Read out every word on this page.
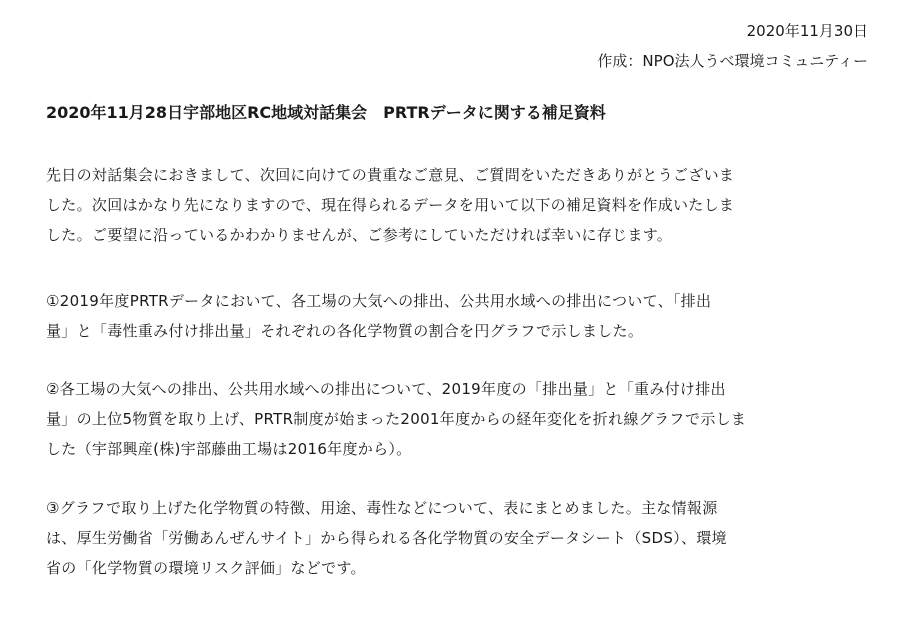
2020年11月30日
作成：NPO法人うべ環境コミュニティー
2020年11月28日宇部地区RC地域対話集会　PRTRデータに関する補足資料
先日の対話集会におきまして、次回に向けての貴重なご意見、ご質問をいただきありがとうございま
した。次回はかなり先になりますので、現在得られるデータを用いて以下の補足資料を作成いたしま
した。ご要望に沿っているかわかりませんが、ご参考にしていただければ幸いに存じます。
①2019年度PRTRデータにおいて、各工場の大気への排出、公共用水域への排出について、「排出
量」と「毒性重み付け排出量」それぞれの各化学物質の割合を円グラフで示しました。
②各工場の大気への排出、公共用水域への排出について、2019年度の「排出量」と「重み付け排出
量」の上位5物質を取り上げ、PRTR制度が始まった2001年度からの経年変化を折れ線グラフで示しま
した（宇部興産(株)宇部藤曲工場は2016年度から）。
③グラフで取り上げた化学物質の特徴、用途、毒性などについて、表にまとめました。主な情報源
は、厚生労働省「労働あんぜんサイト」から得られる各化学物質の安全データシート（SDS）、環境
省の「化学物質の環境リスク評価」などです。
